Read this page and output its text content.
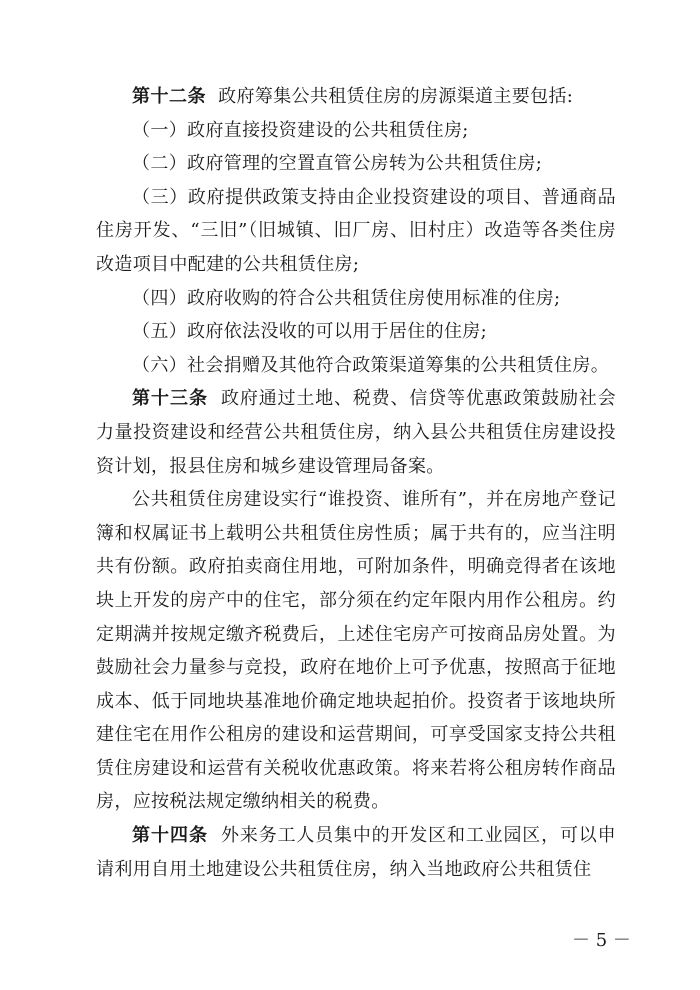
第十二条 政府筹集公共租赁住房的房源渠道主要包括:

（一）政府直接投资建设的公共租赁住房;

（二）政府管理的空置直管公房转为公共租赁住房;

（三）政府提供政策支持由企业投资建设的项目、普通商品住房开发、“三旧”（旧城镇、旧厂房、旧村庄）改造等各类住房改造项目中配建的公共租赁住房;

（四）政府收购的符合公共租赁住房使用标准的住房;

（五）政府依法没收的可以用于居住的住房;

（六）社会捐赠及其他符合政策渠道筹集的公共租赁住房。

第十三条 政府通过土地、税费、信贷等优惠政策鼓励社会力量投资建设和经营公共租赁住房，纳入县公共租赁住房建设投资计划，报县住房和城乡建设管理局备案。

公共租赁住房建设实行“谁投资、谁所有”，并在房地产登记簿和权属证书上载明公共租赁住房性质；属于共有的，应当注明共有份额。政府拍卖商住用地，可附加条件，明确竞得者在该地块上开发的房产中的住宅，部分须在约定年限内用作公租房。约定期满并按规定缴齐税费后，上述住宅房产可按商品房处置。为鼓励社会力量参与竞投，政府在地价上可予优惠，按照高于征地成本、低于同地块基准地价确定地块起拍价。投资者于该地块所建住宅在用作公租房的建设和运营期间，可享受国家支持公共租赁住房建设和运营有关税收优惠政策。将来若将公租房转作商品房，应按税法规定缴纳相关的税费。

第十四条 外来务工人员集中的开发区和工业园区，可以申请利用自用土地建设公共租赁住房，纳入当地政府公共租赁住

－ 5 －
